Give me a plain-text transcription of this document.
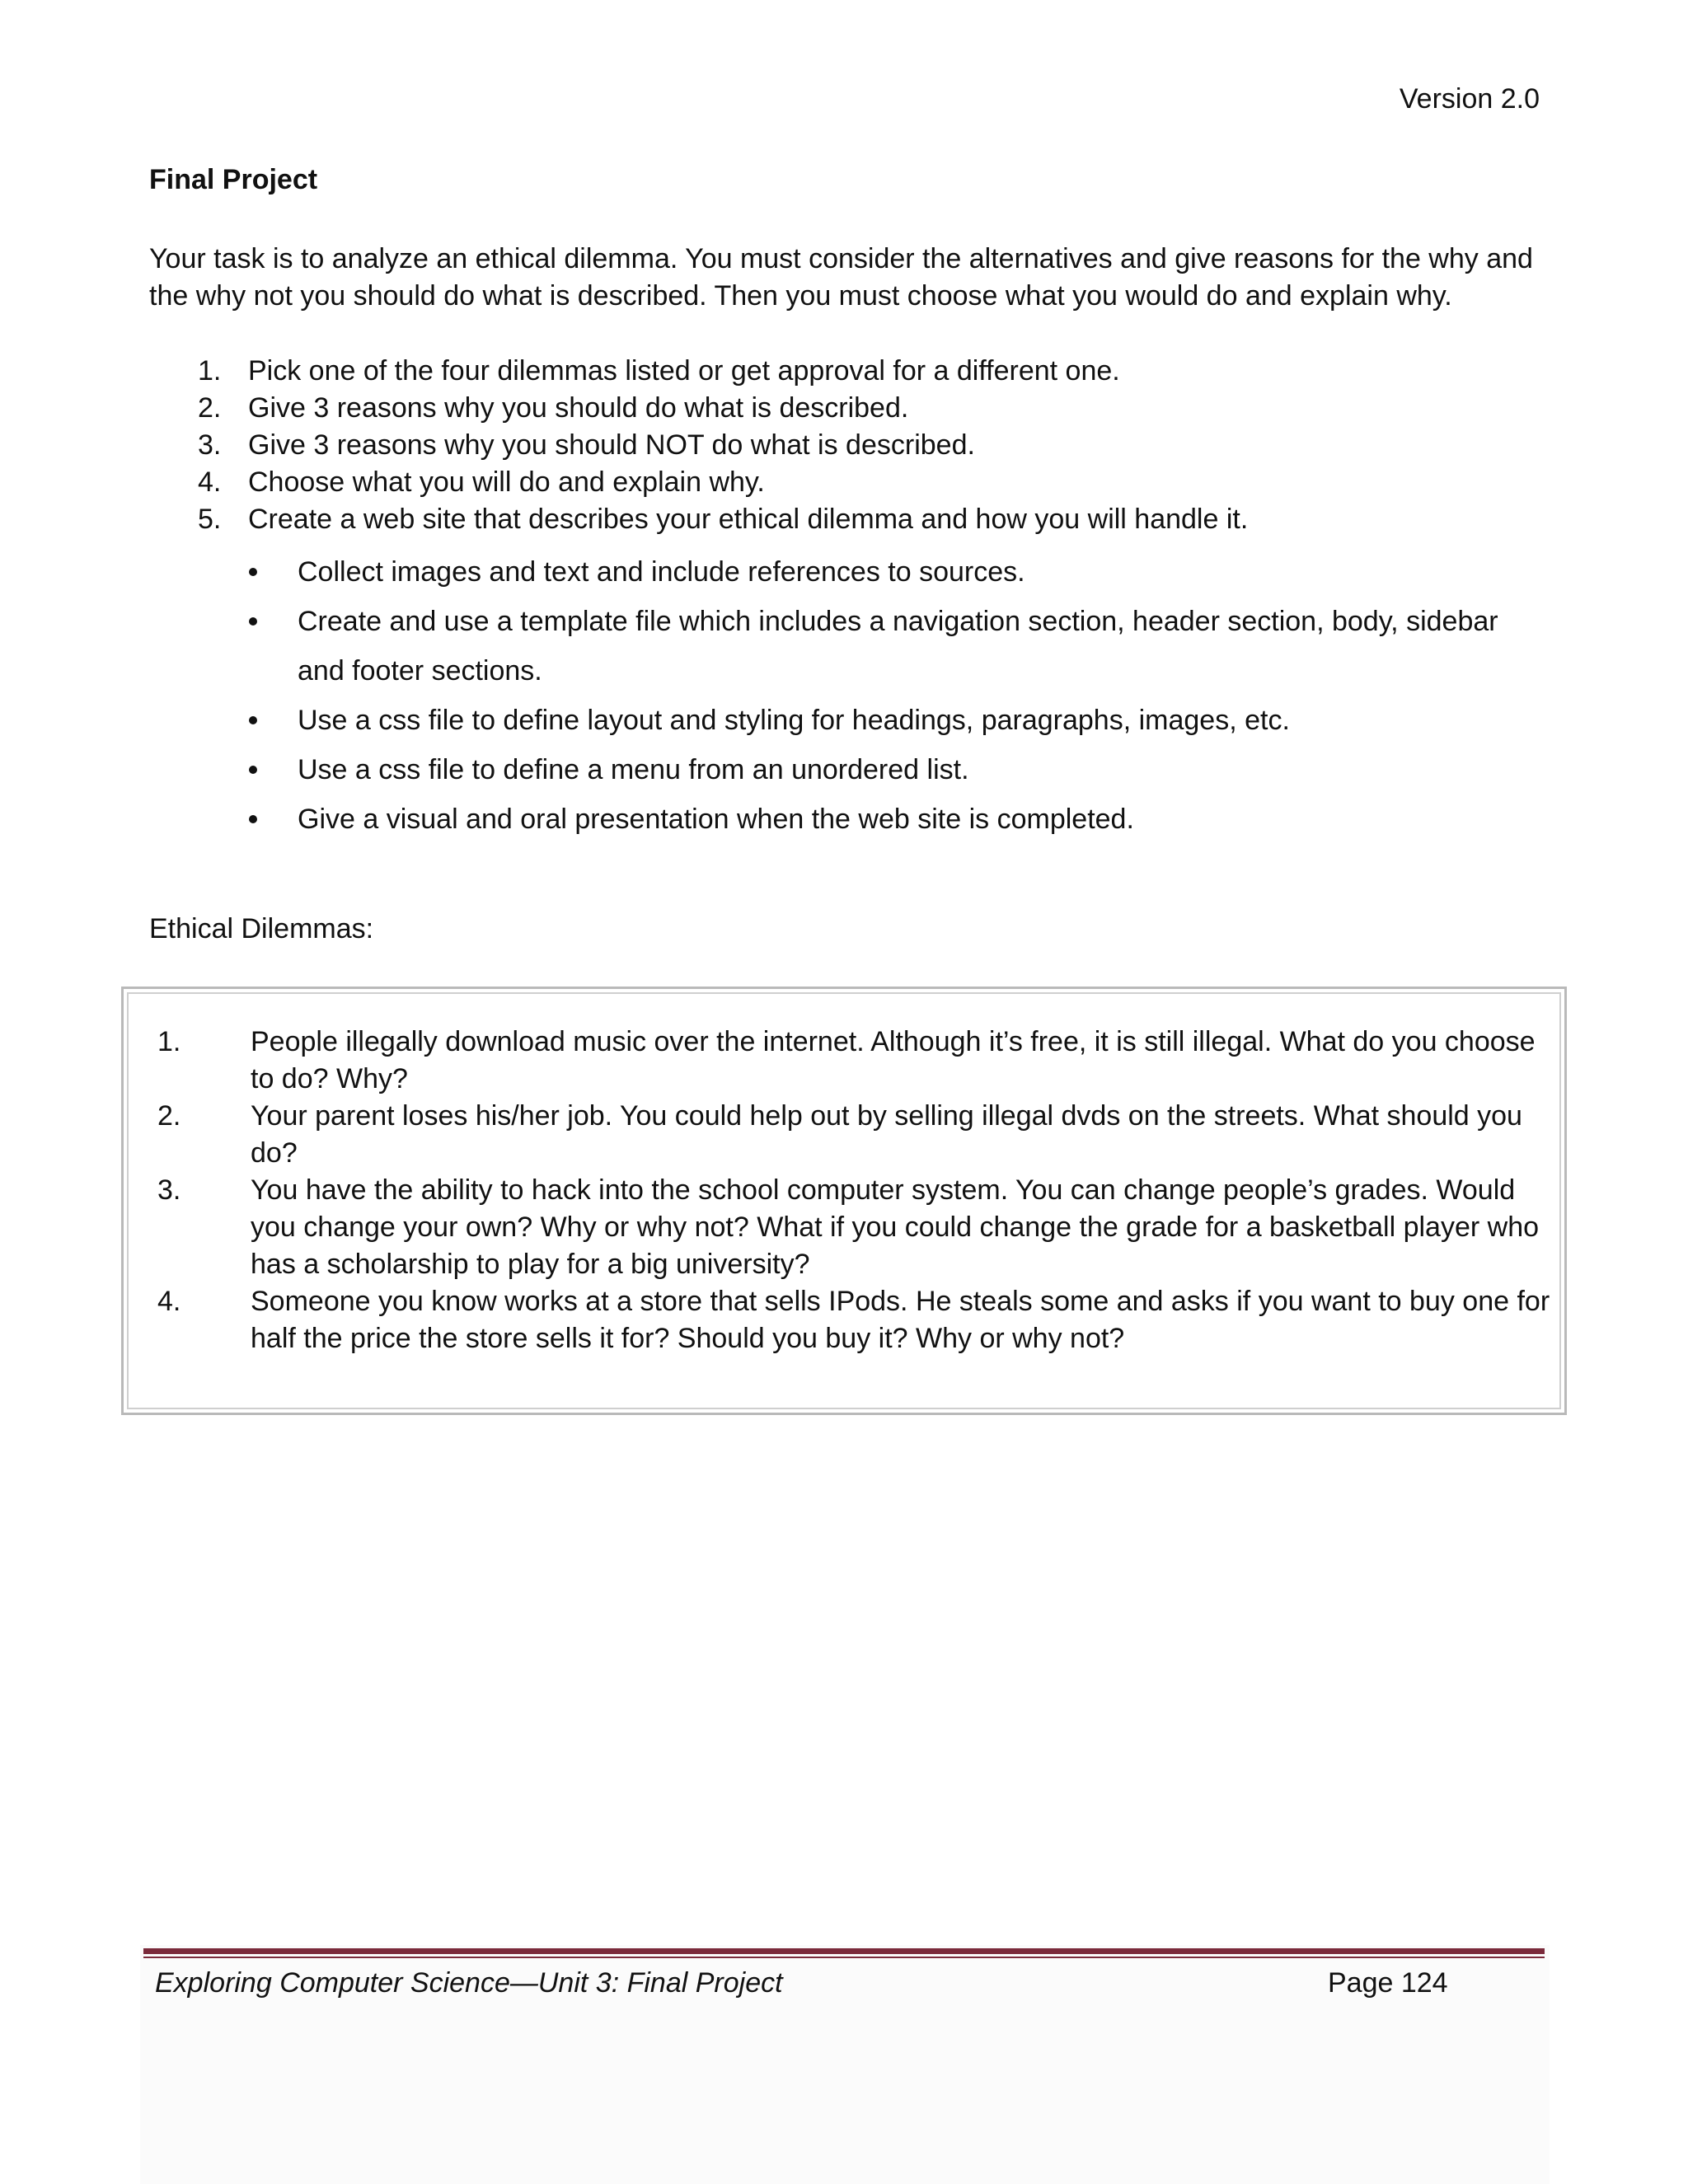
Version 2.0
Final Project
Your task is to analyze an ethical dilemma. You must consider the alternatives and give reasons for the why and the why not you should do what is described. Then you must choose what you would do and explain why.
1. Pick one of the four dilemmas listed or get approval for a different one.
2. Give 3 reasons why you should do what is described.
3. Give 3 reasons why you should NOT do what is described.
4. Choose what you will do and explain why.
5. Create a web site that describes your ethical dilemma and how you will handle it.
Collect images and text and include references to sources.
Create and use a template file which includes a navigation section, header section, body, sidebar and footer sections.
Use a css file to define layout and styling for headings, paragraphs, images, etc.
Use a css file to define a menu from an unordered list.
Give a visual and oral presentation when the web site is completed.
Ethical Dilemmas:
1. People illegally download music over the internet. Although it’s free, it is still illegal. What do you choose to do? Why?
2. Your parent loses his/her job. You could help out by selling illegal dvds on the streets. What should you do?
3. You have the ability to hack into the school computer system. You can change people’s grades. Would you change your own? Why or why not? What if you could change the grade for a basketball player who has a scholarship to play for a big university?
4. Someone you know works at a store that sells IPods. He steals some and asks if you want to buy one for half the price the store sells it for? Should you buy it? Why or why not?
Exploring Computer Science—Unit 3: Final Project	Page 124
